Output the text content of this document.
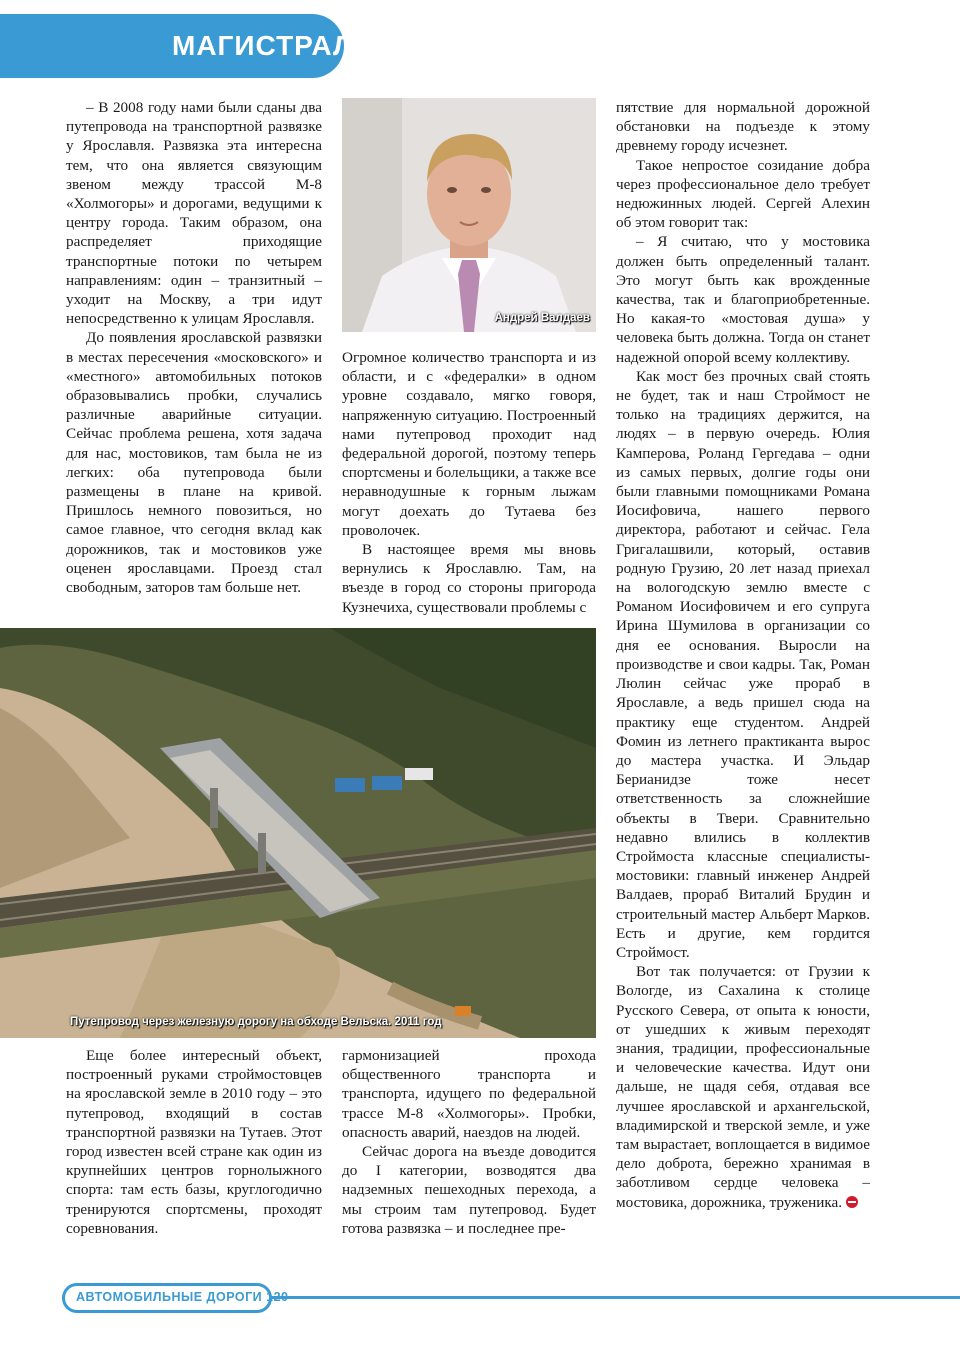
МАГИСТРАЛЬ

– В 2008 году нами были сданы два путепровода на транспортной развязке у Ярославля. Развязка эта интересна тем, что она является связующим звеном между трассой М-8 «Холмогоры» и дорогами, ведущими к центру города. Таким образом, она распределяет приходящие транспортные потоки по четырем направлениям: один – транзитный – уходит на Москву, а три идут непосредственно к улицам Ярославля.

До появления ярославской развязки в местах пересечения «московского» и «местного» автомобильных потоков образовывались пробки, случались различные аварийные ситуации. Сейчас проблема решена, хотя задача для нас, мостовиков, там была не из легких: оба путепровода были размещены в плане на кривой. Пришлось немного повозиться, но самое главное, что сегодня вклад как дорожников, так и мостовиков уже оценен ярославцами. Проезд стал свободным, заторов там больше нет.

Андрей Валдаев

Огромное количество транспорта и из области, и с «федералки» в одном уровне создавало, мягко говоря, напряженную ситуацию. Построенный нами путепровод проходит над федеральной дорогой, поэтому теперь спортсмены и болельщики, а также все неравнодушные к горным лыжам могут доехать до Тутаева без проволочек.

В настоящее время мы вновь вернулись к Ярославлю. Там, на въезде в город со стороны пригорода Кузнечиха, существовали проблемы с

пятствие для нормальной дорожной обстановки на подъезде к этому древнему городу исчезнет.

Такое непростое созидание добра через профессиональное дело требует недюжинных людей. Сергей Алехин об этом говорит так:

– Я считаю, что у мостовика должен быть определенный талант. Это могут быть как врожденные качества, так и благоприобретенные. Но какая-то «мостовая душа» у человека быть должна. Тогда он станет надежной опорой всему коллективу.

Как мост без прочных свай стоять не будет, так и наш Строймост не только на традициях держится, на людях – в первую очередь. Юлия Камперова, Роланд Гергедава – одни из самых первых, долгие годы они были главными помощниками Романа Иосифовича, нашего первого директора, работают и сейчас. Гела Григалашвили, который, оставив родную Грузию, 20 лет назад приехал на вологодскую землю вместе с Романом Иосифовичем и его супруга Ирина Шумилова в организации со дня ее основания. Выросли на производстве и свои кадры. Так, Роман Люлин сейчас уже прораб в Ярославле, а ведь пришел сюда на практику еще студентом. Андрей Фомин из летнего практиканта вырос до мастера участка. И Эльдар Берианидзе тоже несет ответственность за сложнейшие объекты в Твери. Сравнительно недавно влились в коллектив Строймоста классные специалисты-мостовики: главный инженер Андрей Валдаев, прораб Виталий Брудин и строительный мастер Альберт Марков. Есть и другие, кем гордится Строймост.

Вот так получается: от Грузии к Вологде, из Сахалина к столице Русского Севера, от опыта к юности, от ушедших к живым переходят знания, традиции, профессиональные и человеческие качества. Идут они дальше, не щадя себя, отдавая все лучшее ярославской и архангельской, владимирской и тверской земле, и уже там вырастает, воплощается в видимое дело доброта, бережно хранимая в заботливом сердце человека – мостовика, дорожника, труженика.

Путепровод через железную дорогу на обходе Вельска. 2011 год

Еще более интересный объект, построенный руками строймостовцев на ярославской земле в 2010 году – это путепровод, входящий в состав транспортной развязки на Тутаев. Этот город известен всей стране как один из крупнейших центров горнолыжного спорта: там есть базы, круглогодично тренируются спортсмены, проходят соревнования.

гармонизацией прохода общественного транспорта и транспорта, идущего по федеральной трассе М-8 «Холмогоры». Пробки, опасность аварий, наездов на людей.

Сейчас дорога на въезде доводится до I категории, возводятся два надземных пешеходных перехода, а мы строим там путепровод. Будет готова развязка – и последнее пре-

АВТОМОБИЛЬНЫЕ ДОРОГИ 120
